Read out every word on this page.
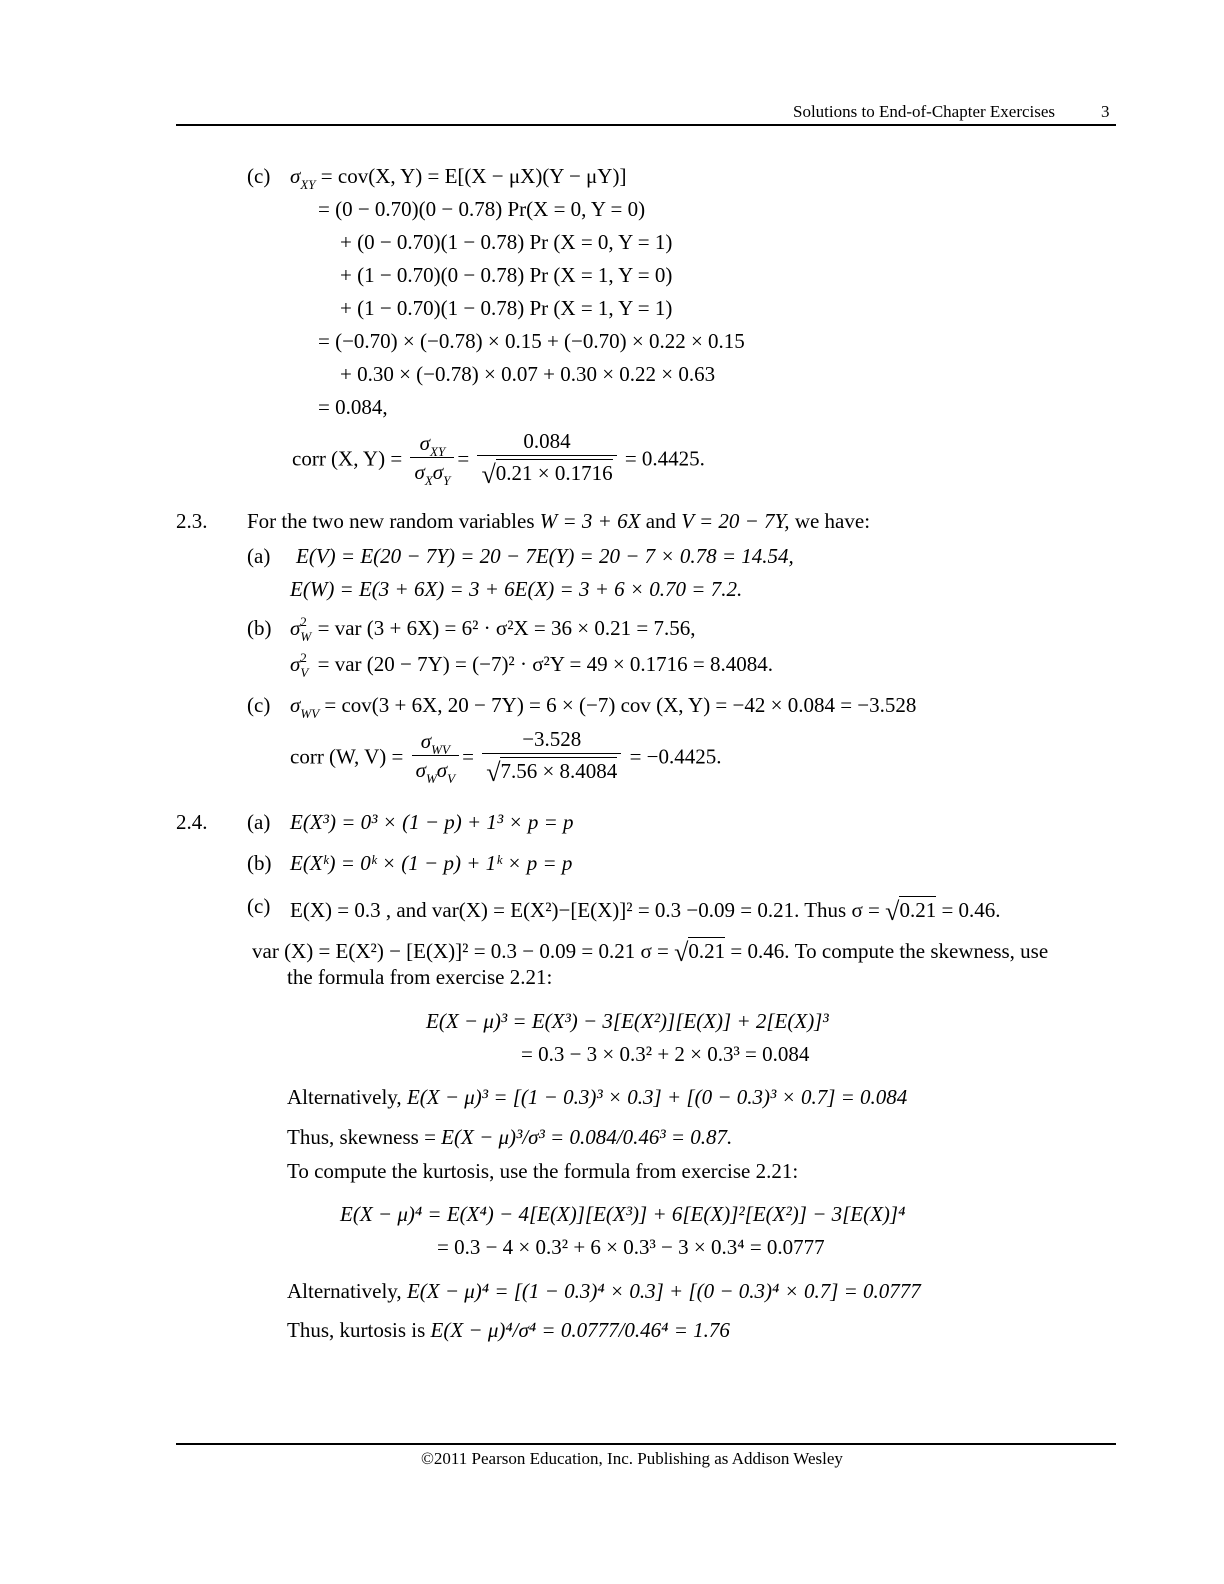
Solutions to End-of-Chapter Exercises	3
(c) $\sigma_{XY} = cov(X$, Y) = E[(X − μX)(Y − μY)]
= (0 − 0.70)(0 − 0.78) Pr(X = 0, Y = 0)
+ (0 − 0.70)(1 − 0.78) Pr (X = 0, Y = 1)
+ (1 − 0.70)(0 − 0.78) Pr (X = 1, Y = 0)
+ (1 − 0.70)(1 − 0.78) Pr (X = 1, Y = 1)
= (−0.70) × (−0.78) × 0.15 + (−0.70) × 0.22 × 0.15
+ 0.30 × (−0.78) × 0.07 + 0.30 × 0.22 × 0.63
= 0.084,
corr (X, $Y) = \frac{\sigma_{XY}}{\sigma_X\sigma_Y} = \frac{0.084}{√0.21 \times 0.1716} = 0.4425$.
2.3. For the two new random variables W = 3 + 6X and V = 20 − 7Y, we have:
(a) E(V) = E(20 − 7Y) = 20 − 7E(Y) = 20 − 7 × 0.78 = 14.54,
E(W) = E(3 + 6X) = 3 + 6E(X) = 3 + 6 × 0.70 = 7.2.
(b) σ 2
W = var (3 + 6X) = 6² · σ²X = 36 × 0.21 = 7.56,
σ 2
V = var (20 − 7Y) = (−7)² · σ²Y = 49 × 0.1716 = 8.4084.
(c) $\sigma_{WV} = cov(3 + 6X$, 20 − 7Y) = 6 × (−7) cov (X, Y) = −42 × 0.084 = −3.528
corr (W, $V) = \frac{\sigma_{WV}}{\sigma_W\sigma_V} = \frac{-3.528}{√7.56 \times 8.4084} = -0.4425$.
2.4. (a) E(X³) = 0³ × (1 − p) + 1³ × p = p
(b) E(Xᵏ) = 0ᵏ × (1 − p) + 1ᵏ × p = p
(c) E(X) = 0.3 , and var(X) = E(X²)−[E(X)]² = 0.3 −0.09 = 0.21. Thus σ = √0.21 = 0.46.
var (X) = E(X²) − [E(X)]² = 0.3 − 0.09 = 0.21 σ = √0.21 = 0.46. To compute the skewness, use
the formula from exercise 2.21:
E(X − μ)³ = E(X³) − 3[E(X²)][E(X)] + 2[E(X)]³
= 0.3 − 3 × 0.3² + 2 × 0.3³ = 0.084
Alternatively, E(X − μ)³ = [(1 − 0.3)³ × 0.3] + [(0 − 0.3)³ × 0.7] = 0.084
Thus, skewness = E(X − μ)³/σ³ = 0.084/0.46³ = 0.87.
To compute the kurtosis, use the formula from exercise 2.21:
E(X − μ)⁴ = E(X⁴) − 4[E(X)][E(X³)] + 6[E(X)]²[E(X²)] − 3[E(X)]⁴
= 0.3 − 4 × 0.3² + 6 × 0.3³ − 3 × 0.3⁴ = 0.0777
Alternatively, E(X − μ)⁴ = [(1 − 0.3)⁴ × 0.3] + [(0 − 0.3)⁴ × 0.7] = 0.0777
Thus, kurtosis is E(X − μ)⁴/σ⁴ = 0.0777/0.46⁴ = 1.76
©2011 Pearson Education, Inc. Publishing as Addison Wesley
